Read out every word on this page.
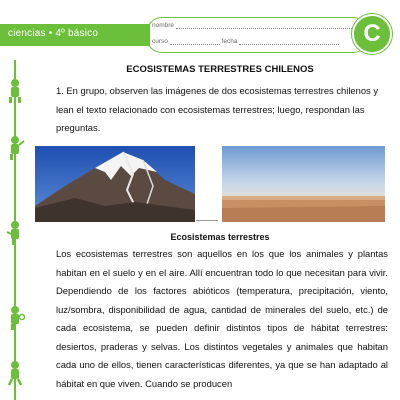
ciencias • 4º básico
nombre
curso	fecha	C
ECOSISTEMAS TERRESTRES CHILENOS
1. En grupo, observen las imágenes de dos ecosistemas terrestres chilenos y lean el texto relacionado con ecosistemas terrestres; luego, respondan las preguntas.
Ecosistemas terrestres
Los ecosistemas terrestres son aquellos en los que los animales y plantas habitan en el suelo y en el aire. Allí encuentran todo lo que necesitan para vivir. Dependiendo de los factores abióticos (temperatura, precipitación, viento, luz/sombra, disponibilidad de agua, cantidad de minerales del suelo, etc.) de cada ecosistema, se pueden definir distintos tipos de hábitat terrestres: desiertos, praderas y selvas. Los distintos vegetales y animales que habitan cada uno de ellos, tienen características diferentes, ya que se han adaptado al hábitat en que viven. Cuando se producen
